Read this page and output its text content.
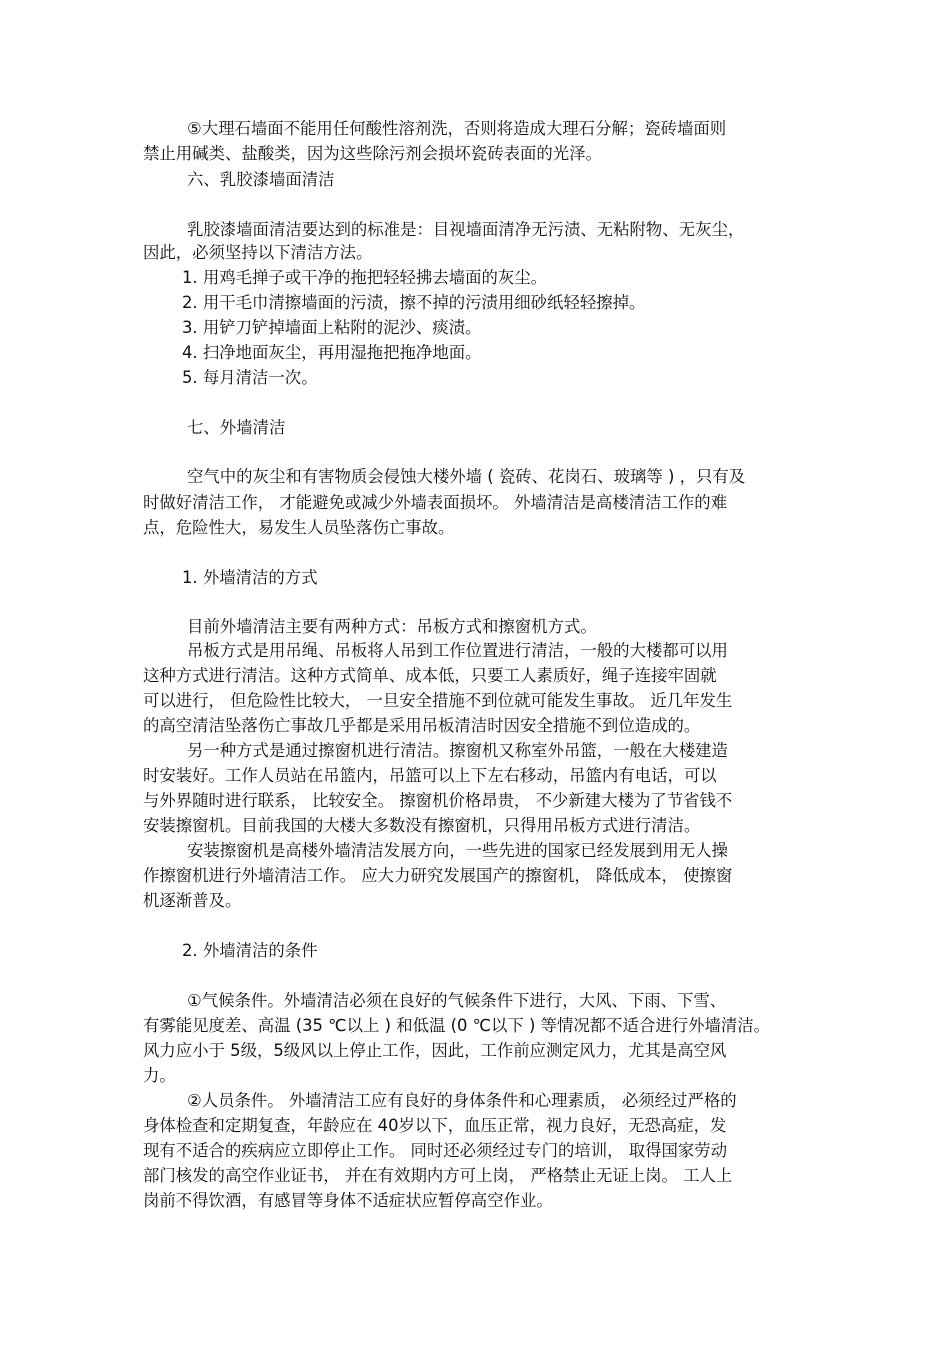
⑤大理石墙面不能用任何酸性溶剂洗，否则将造成大理石分解；瓷砖墙面则
禁止用碱类、盐酸类，因为这些除污剂会损坏瓷砖表面的光泽。
六、乳胶漆墙面清洁
乳胶漆墙面清洁要达到的标准是：目视墙面清净无污渍、无粘附物、无灰尘，
因此，必须坚持以下清洁方法。
1. 用鸡毛掸子或干净的拖把轻轻拂去墙面的灰尘。
2. 用干毛巾清擦墙面的污渍，擦不掉的污渍用细砂纸轻轻擦掉。
3. 用铲刀铲掉墙面上粘附的泥沙、痰渍。
4. 扫净地面灰尘，再用湿拖把拖净地面。
5. 每月清洁一次。
七、外墙清洁
空气中的灰尘和有害物质会侵蚀大楼外墙 ( 瓷砖、花岗石、玻璃等 ) ，只有及
时做好清洁工作， 才能避免或减少外墙表面损坏。 外墙清洁是高楼清洁工作的难
点，危险性大，易发生人员坠落伤亡事故。
1. 外墙清洁的方式
目前外墙清洁主要有两种方式：吊板方式和擦窗机方式。
吊板方式是用吊绳、吊板将人吊到工作位置进行清洁，一般的大楼都可以用
这种方式进行清洁。这种方式简单、成本低，只要工人素质好，绳子连接牢固就
可以进行， 但危险性比较大， 一旦安全措施不到位就可能发生事故。 近几年发生
的高空清洁坠落伤亡事故几乎都是采用吊板清洁时因安全措施不到位造成的。
另一种方式是通过擦窗机进行清洁。擦窗机又称室外吊篮，一般在大楼建造
时安装好。工作人员站在吊篮内，吊篮可以上下左右移动，吊篮内有电话，可以
与外界随时进行联系， 比较安全。 擦窗机价格昂贵， 不少新建大楼为了节省钱不
安装擦窗机。目前我国的大楼大多数没有擦窗机，只得用吊板方式进行清洁。
安装擦窗机是高楼外墙清洁发展方向，一些先进的国家已经发展到用无人操
作擦窗机进行外墙清洁工作。 应大力研究发展国产的擦窗机， 降低成本， 使擦窗
机逐渐普及。
2. 外墙清洁的条件
①气候条件。外墙清洁必须在良好的气候条件下进行，大风、下雨、下雪、
有雾能见度差、高温 (35 ℃以上 ) 和低温 (0 ℃以下 ) 等情况都不适合进行外墙清洁。
风力应小于 5级，5级风以上停止工作，因此，工作前应测定风力，尤其是高空风
力。
②人员条件。 外墙清洁工应有良好的身体条件和心理素质， 必须经过严格的
身体检查和定期复查，年龄应在 40岁以下，血压正常，视力良好，无恐高症，发
现有不适合的疾病应立即停止工作。 同时还必须经过专门的培训， 取得国家劳动
部门核发的高空作业证书， 并在有效期内方可上岗， 严格禁止无证上岗。 工人上
岗前不得饮酒，有感冒等身体不适症状应暂停高空作业。
